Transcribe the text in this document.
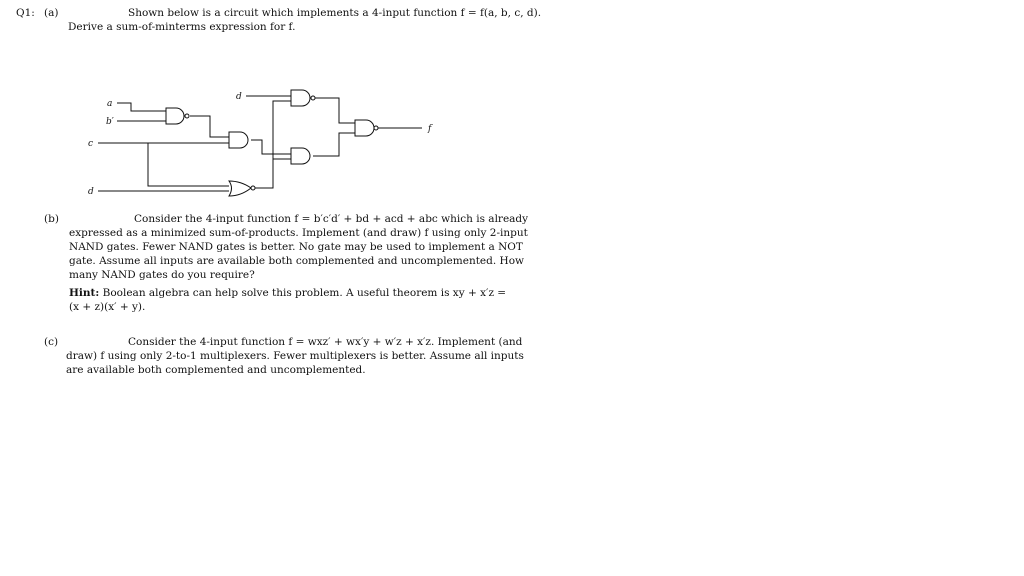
Q1: (a)	Shown below is a circuit which implements a 4-input function f = f(a, b, c, d).
Derive a sum-of-minterms expression for f.
a
b′
c
d
d
f
(b)	Consider the 4-input function f = b′c′d′ + bd + acd + abc which is already
expressed as a minimized sum-of-products. Implement (and draw) f using only 2-input
NAND gates. Fewer NAND gates is better. No gate may be used to implement a NOT
gate. Assume all inputs are available both complemented and uncomplemented. How
many NAND gates do you require?
Hint: Boolean algebra can help solve this problem. A useful theorem is xy + x′z =
(x + z)(x′ + y).
(c)	Consider the 4-input function f = wxz′ + wx′y + w′z + x′z. Implement (and
draw) f using only 2-to-1 multiplexers. Fewer multiplexers is better. Assume all inputs
are available both complemented and uncomplemented.
